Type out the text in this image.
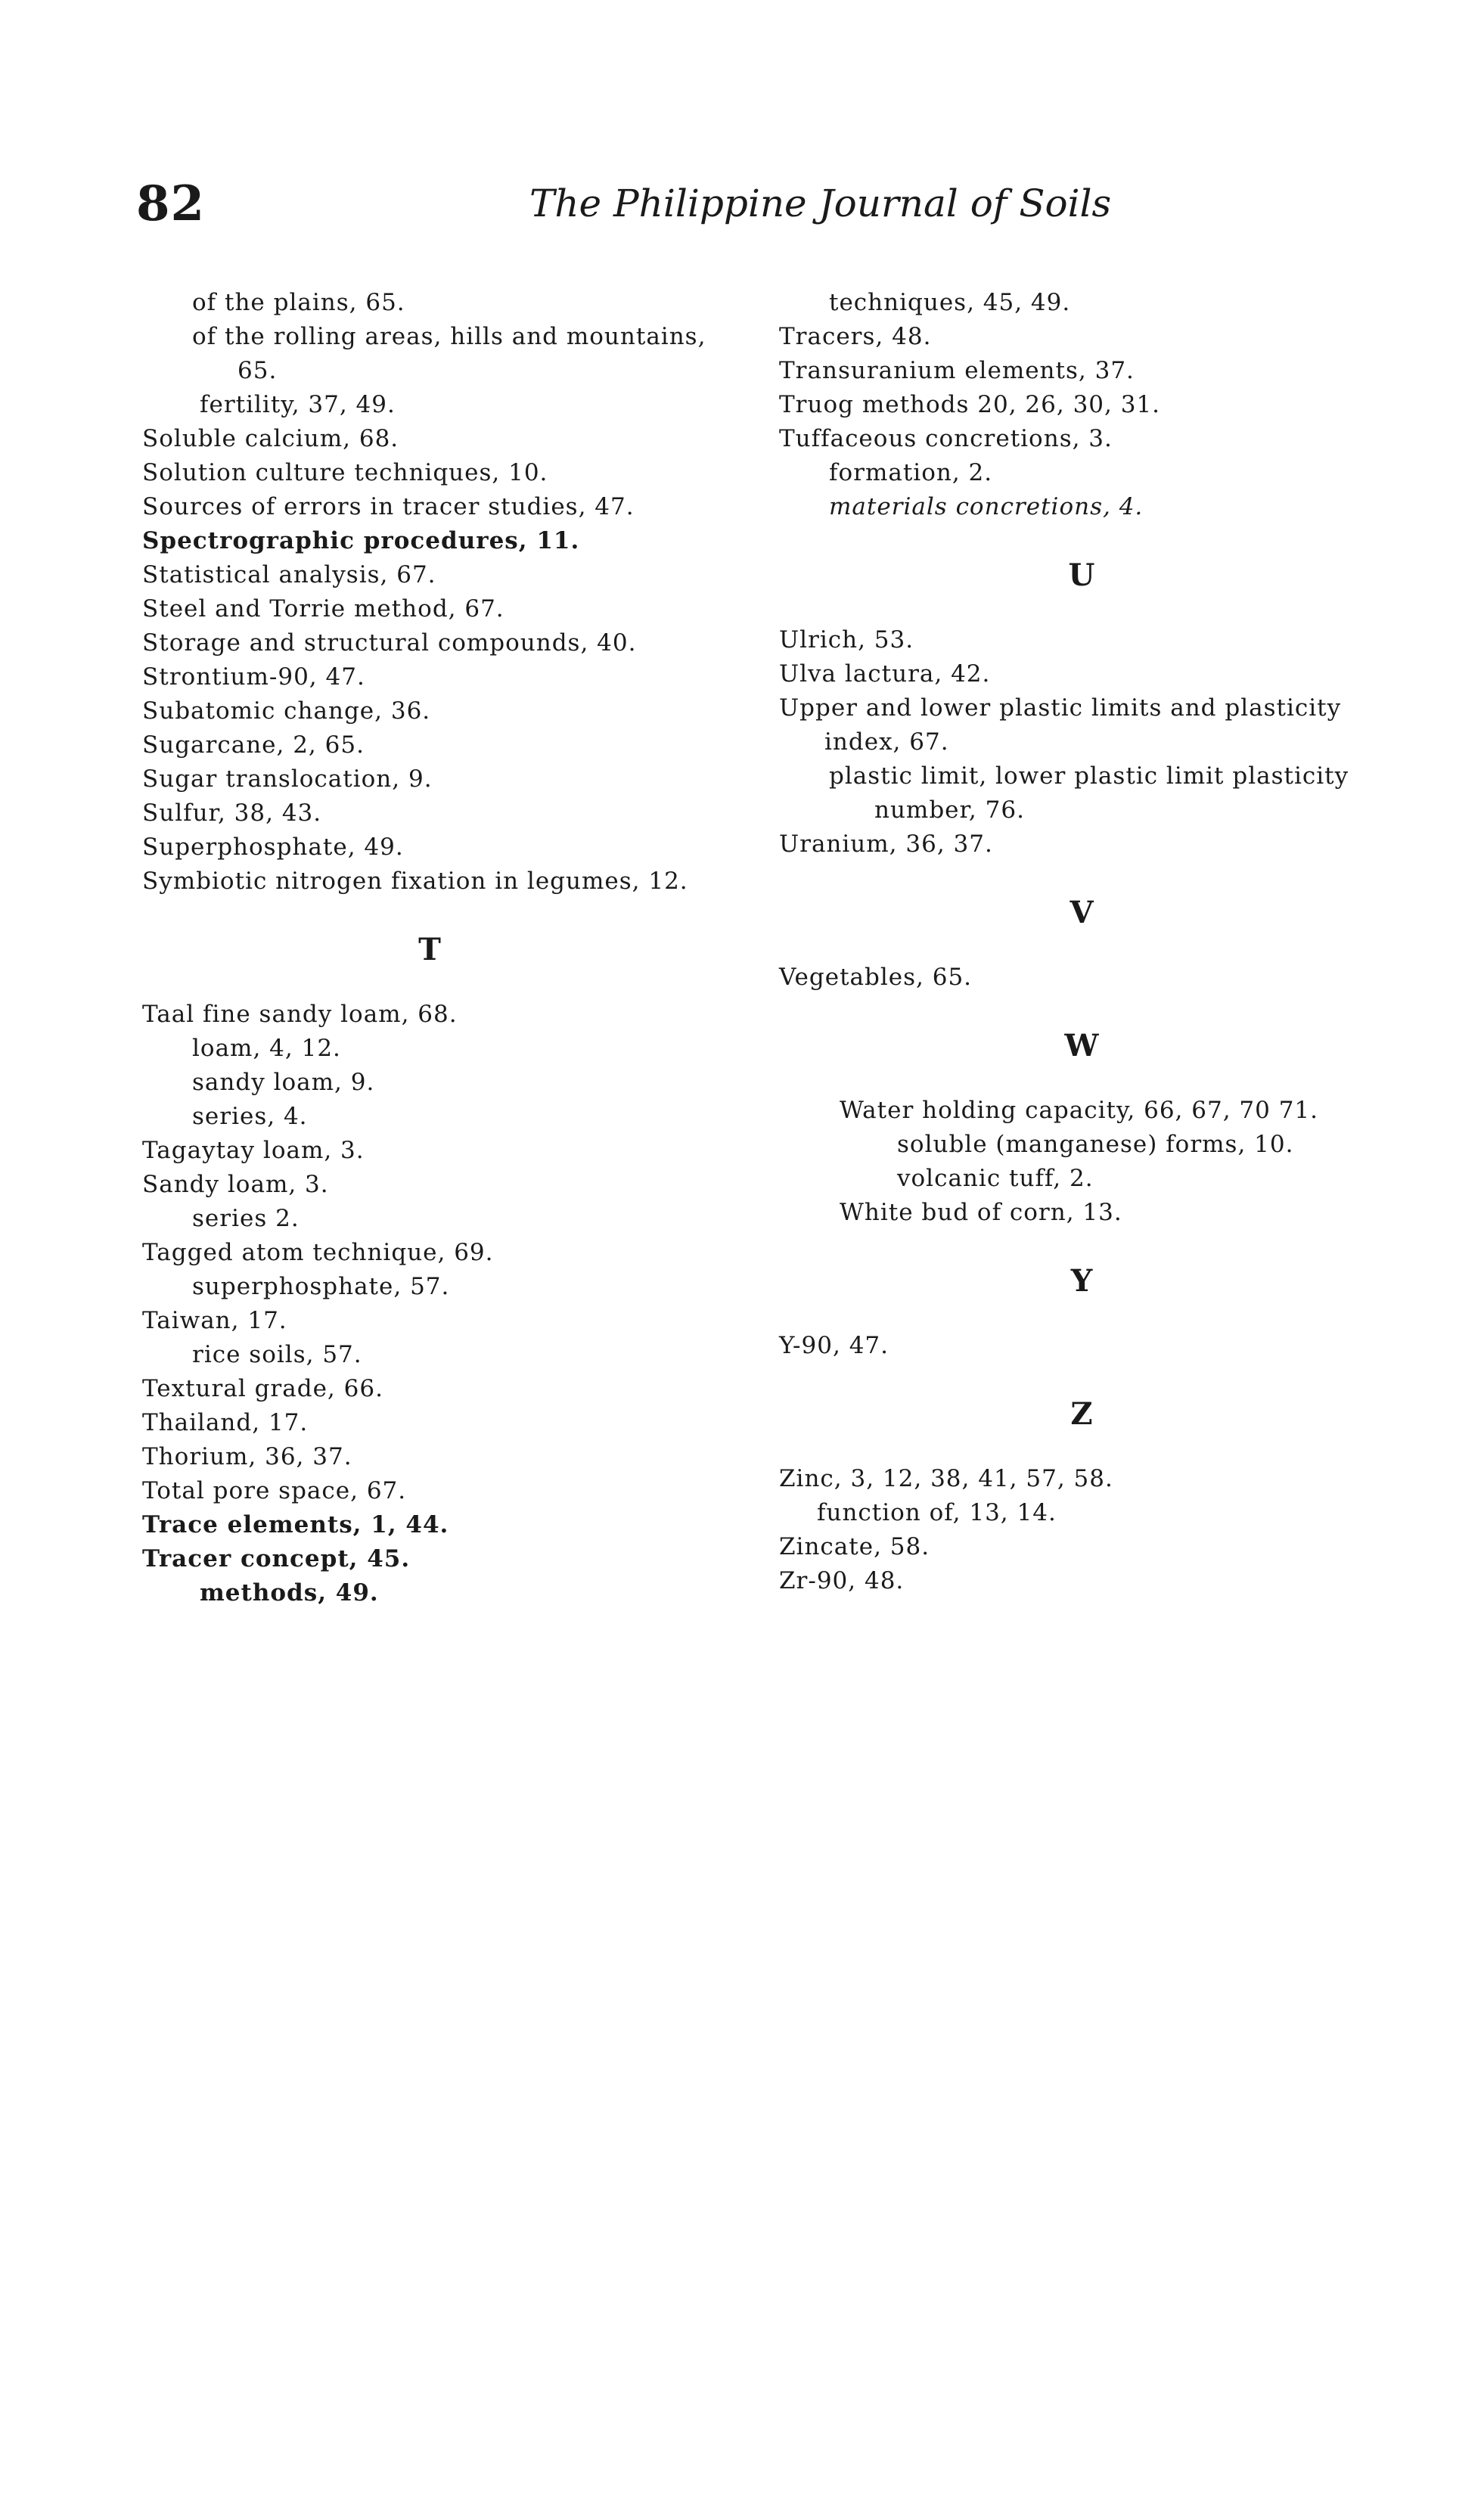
82	The Philippine Journal of Soils
of the plains, 65.
of the rolling areas, hills and mountains, 65.
fertility, 37, 49.
Soluble calcium, 68.
Solution culture techniques, 10.
Sources of errors in tracer studies, 47.
Spectrographic procedures, 11.
Statistical analysis, 67.
Steel and Torrie method, 67.
Storage and structural compounds, 40.
Strontium-90, 47.
Subatomic change, 36.
Sugarcane, 2, 65.
Sugar translocation, 9.
Sulfur, 38, 43.
Superphosphate, 49.
Symbiotic nitrogen fixation in legumes, 12.
T
Taal fine sandy loam, 68.
loam, 4, 12.
sandy loam, 9.
series, 4.
Tagaytay loam, 3.
Sandy loam, 3.
series 2.
Tagged atom technique, 69.
superphosphate, 57.
Taiwan, 17.
rice soils, 57.
Textural grade, 66.
Thailand, 17.
Thorium, 36, 37.
Total pore space, 67.
Trace elements, 1, 44.
Tracer concept, 45.
methods, 49.
techniques, 45, 49.
Tracers, 48.
Transuranium elements, 37.
Truog methods 20, 26, 30, 31.
Tuffaceous concretions, 3.
formation, 2.
materials concretions, 4.
U
Ulrich, 53.
Ulva lactura, 42.
Upper and lower plastic limits and plasticity index, 67.
plastic limit, lower plastic limit plasticity number, 76.
Uranium, 36, 37.
V
Vegetables, 65.
W
Water holding capacity, 66, 67, 70 71.
soluble (manganese) forms, 10.
volcanic tuff, 2.
White bud of corn, 13.
Y
Y-90, 47.
Z
Zinc, 3, 12, 38, 41, 57, 58.
function of, 13, 14.
Zincate, 58.
Zr-90, 48.
